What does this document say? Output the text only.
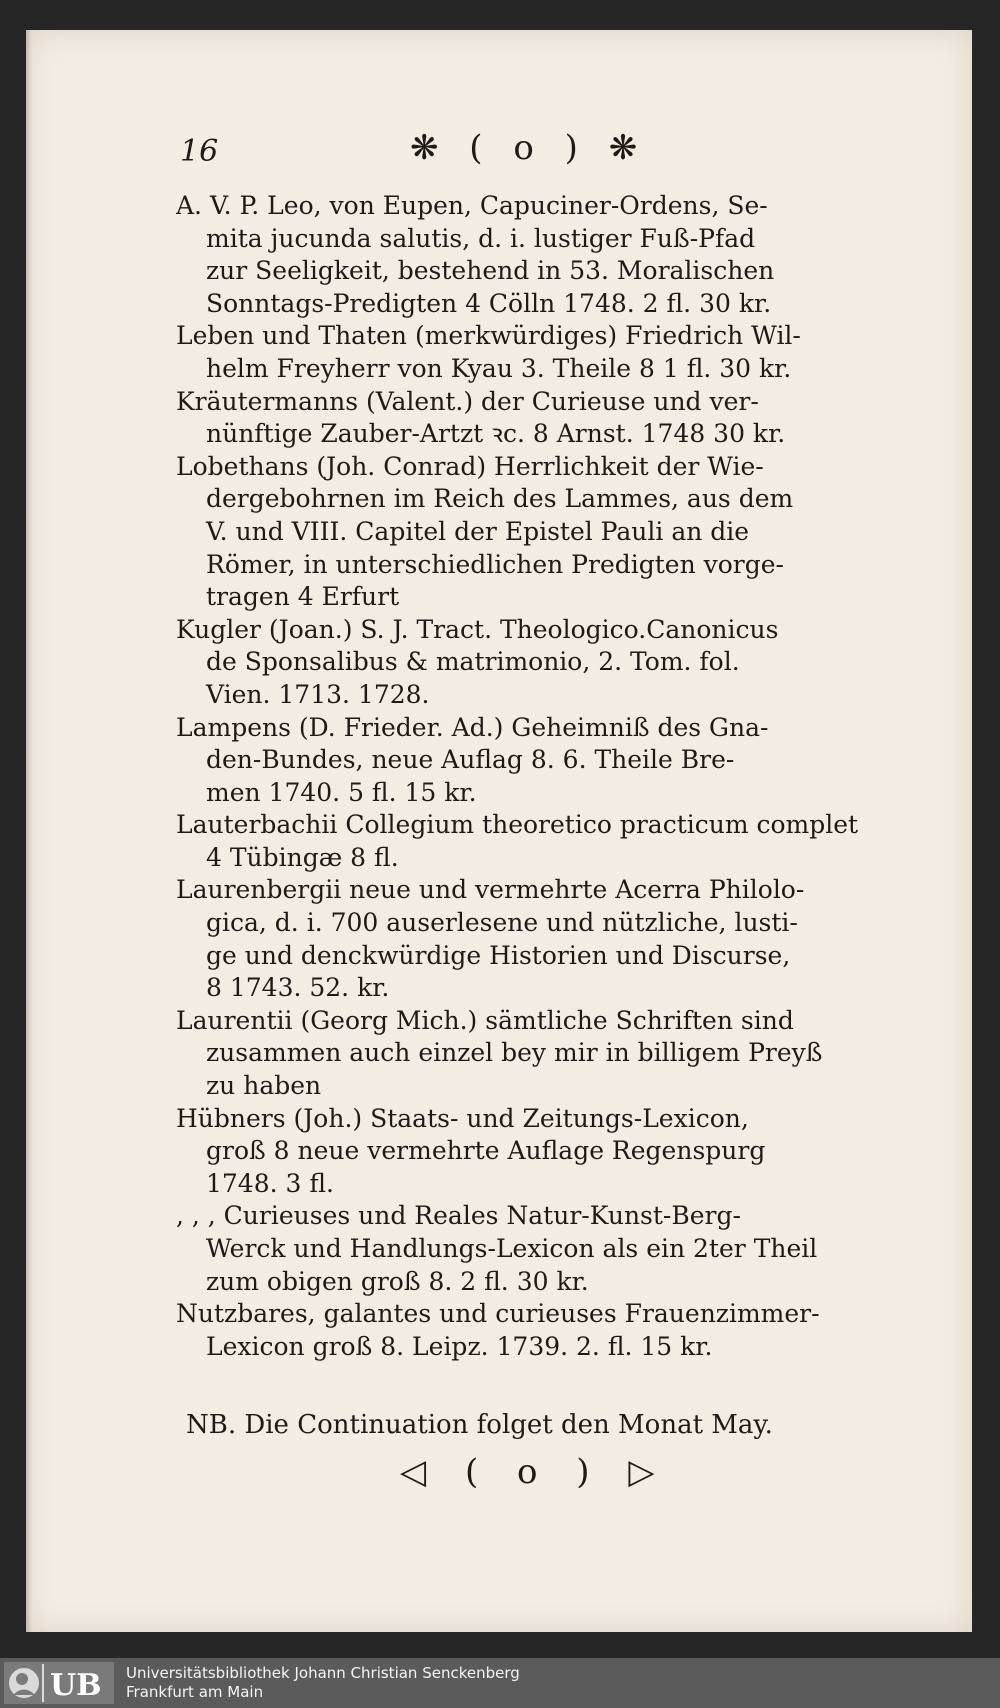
16	❋ ( o ) ❋

A. V. P. Leo, von Eupen, Capuciner-Ordens, Se-
mita jucunda salutis, d. i. lustiger Fuß-Pfad
zur Seeligkeit, bestehend in 53. Moralischen
Sonntags-Predigten 4 Cölln 1748. 2 fl. 30 kr.

Leben und Thaten (merkwürdiges) Friedrich Wil-
helm Freyherr von Kyau 3. Theile 8 1 fl. 30 kr.

Kräutermanns (Valent.) der Curieuse und ver-
nünftige Zauber-Artzt ꝛc. 8 Arnst. 1748 30 kr.

Lobethans (Joh. Conrad) Herrlichkeit der Wie-
dergebohrnen im Reich des Lammes, aus dem
V. und VIII. Capitel der Epistel Pauli an die
Römer, in unterschiedlichen Predigten vorge-
tragen 4 Erfurt

Kugler (Joan.) S. J. Tract. Theologico.Canonicus
de Sponsalibus & matrimonio, 2. Tom. fol.
Vien. 1713. 1728.

Lampens (D. Frieder. Ad.) Geheimniß des Gna-
den-Bundes, neue Auflag 8. 6. Theile Bre-
men 1740. 5 fl. 15 kr.

Lauterbachii Collegium theoretico practicum complet
4 Tübingæ 8 fl.

Laurenbergii neue und vermehrte Acerra Philolo-
gica, d. i. 700 auserlesene und nützliche, lusti-
ge und denckwürdige Historien und Discurse,
8 1743. 52. kr.

Laurentii (Georg Mich.) sämtliche Schriften sind
zusammen auch einzel bey mir in billigem Preyß
zu haben

Hübners (Joh.) Staats- und Zeitungs-Lexicon,
groß 8 neue vermehrte Auflage Regenspurg
1748. 3 fl.

, , , Curieuses und Reales Natur-Kunst-Berg-
Werck und Handlungs-Lexicon als ein 2ter Theil
zum obigen groß 8. 2 fl. 30 kr.

Nutzbares, galantes und curieuses Frauenzimmer-
Lexicon groß 8. Leipz. 1739. 2. fl. 15 kr.

NB. Die Continuation folget den Monat May.
◁ ( o ) ▷
UB Universitätsbibliothek Johann Christian Senckenberg
Frankfurt am Main
